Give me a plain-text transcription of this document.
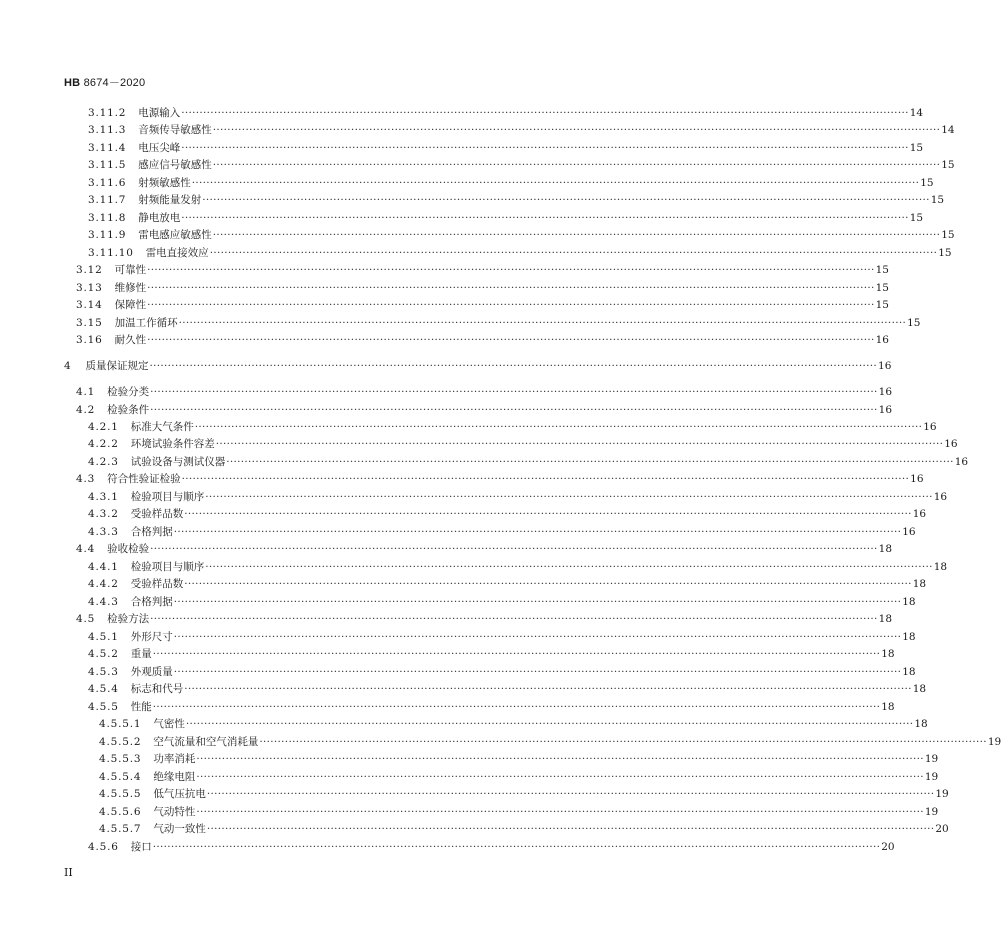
HB 8674－2020
3.11.2 电源输入 ········································································································································································································ 14
3.11.3 音频传导敏感性 ········································································································································································································ 14
3.11.4 电压尖峰 ········································································································································································································ 15
3.11.5 感应信号敏感性 ········································································································································································································ 15
3.11.6 射频敏感性 ········································································································································································································ 15
3.11.7 射频能量发射 ········································································································································································································ 15
3.11.8 静电放电 ········································································································································································································ 15
3.11.9 雷电感应敏感性 ········································································································································································································ 15
3.11.10 雷电直接效应 ········································································································································································································ 15
3.12 可靠性 ········································································································································································································ 15
3.13 维修性 ········································································································································································································ 15
3.14 保障性 ········································································································································································································ 15
3.15 加温工作循环 ········································································································································································································ 15
3.16 耐久性 ········································································································································································································ 16
4 质量保证规定 ········································································································································································································ 16
4.1 检验分类 ········································································································································································································ 16
4.2 检验条件 ········································································································································································································ 16
4.2.1 标准大气条件 ········································································································································································································ 16
4.2.2 环境试验条件容差 ········································································································································································································ 16
4.2.3 试验设备与测试仪器 ········································································································································································································ 16
4.3 符合性验证检验 ········································································································································································································ 16
4.3.1 检验项目与顺序 ········································································································································································································ 16
4.3.2 受验样品数 ········································································································································································································ 16
4.3.3 合格判据 ········································································································································································································ 16
4.4 验收检验 ········································································································································································································ 18
4.4.1 检验项目与顺序 ········································································································································································································ 18
4.4.2 受验样品数 ········································································································································································································ 18
4.4.3 合格判据 ········································································································································································································ 18
4.5 检验方法 ········································································································································································································ 18
4.5.1 外形尺寸 ········································································································································································································ 18
4.5.2 重量 ········································································································································································································ 18
4.5.3 外观质量 ········································································································································································································ 18
4.5.4 标志和代号 ········································································································································································································ 18
4.5.5 性能 ········································································································································································································ 18
4.5.5.1 气密性 ········································································································································································································ 18
4.5.5.2 空气流量和空气消耗量 ········································································································································································································ 19
4.5.5.3 功率消耗 ········································································································································································································ 19
4.5.5.4 绝缘电阻 ········································································································································································································ 19
4.5.5.5 低气压抗电 ········································································································································································································ 19
4.5.5.6 气动特性 ········································································································································································································ 19
4.5.5.7 气动一致性 ········································································································································································································ 20
4.5.6 接口 ········································································································································································································ 20
II
